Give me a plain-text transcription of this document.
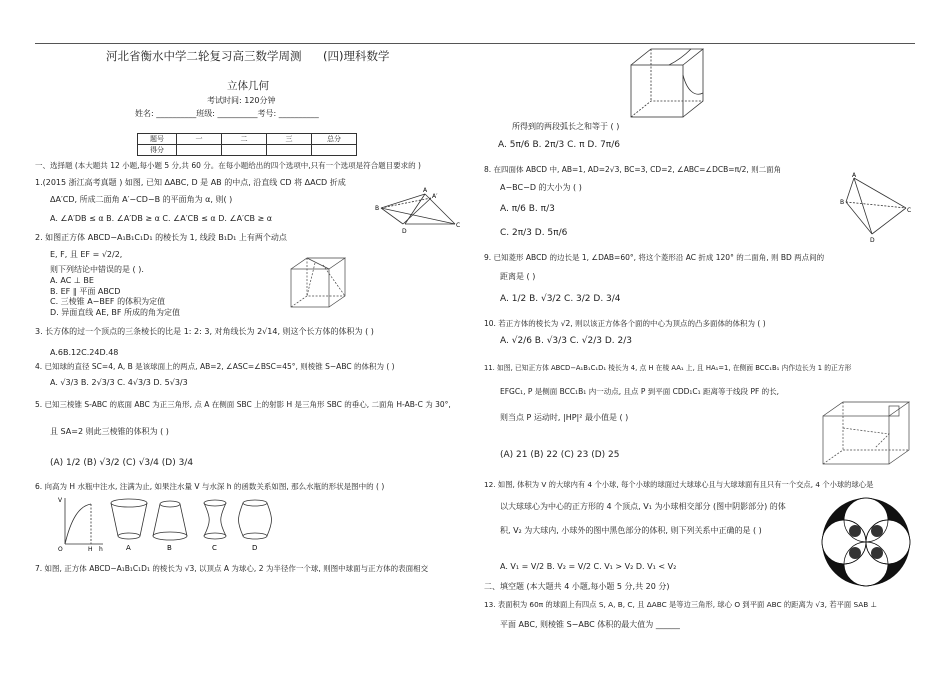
河北省衡水中学二轮复习高三数学周测 (四)理科数学
立体几何
考试时间: 120分钟
姓名: __________班级: __________考号: __________
题号	一	二	三	总分
得分				
一、选择题 (本大题共 12 小题,每小题 5 分,共 60 分。在每小题给出的四个选项中,只有一个选项是符合题目要求的 )
1.(2015 浙江高考真题 ) 如图, 已知 ΔABC, D 是 AB 的中点, 沿直线 CD 将 ΔACD 折成
ΔA′CD, 所成二面角 A′−CD−B 的平面角为 α, 则( )
A. ∠A′DB ≤ α B. ∠A′DB ≥ α C. ∠A′CB ≤ α D. ∠A′CB ≥ α
2. 如图正方体 ABCD−A₁B₁C₁D₁ 的棱长为 1, 线段 B₁D₁ 上有两个动点
E, F, 且 EF = √2/2,
则下列结论中错误的是 ( ).
A. AC ⊥ BE
B. EF ∥ 平面 ABCD
C. 三棱锥 A−BEF 的体积为定值
D. 异面直线 AE, BF 所成的角为定值
3. 长方体的过一个顶点的三条棱长的比是 1: 2: 3, 对角线长为 2√14, 则这个长方体的体积为 ( )
A.6B.12C.24D.48
4. 已知球的直径 SC=4, A, B 是该球面上的两点, AB=2, ∠ASC=∠BSC=45°, 则棱锥 S−ABC 的体积为 ( )
A. √3/3 B. 2√3/3 C. 4√3/3 D. 5√3/3
5. 已知三棱锥 S-ABC 的底面 ABC 为正三角形, 点 A 在侧面 SBC 上的射影 H 是三角形 SBC 的垂心, 二面角 H-AB-C 为 30°,
且 SA=2 则此三棱锥的体积为 ( )
(A) 1/2 (B) √3/2 (C) √3/4 (D) 3/4
6. 向高为 H 水瓶中注水, 注满为止, 如果注水量 V 与水深 h 的函数关系如图, 那么水瓶的形状是图中的 ( )
7. 如图, 正方体 ABCD−A₁B₁C₁D₁ 的棱长为 √3, 以顶点 A 为球心, 2 为半径作一个球, 则图中球面与正方体的表面相交
A
A′
B
C
D
V
O	H h	A	B	C	D
所得到的两段弧长之和等于 ( )
A. 5π/6 B. 2π/3 C. π D. 7π/6
8. 在四面体 ABCD 中, AB=1, AD=2√3, BC=3, CD=2, ∠ABC=∠DCB=π/2, 则二面角
A−BC−D 的大小为 ( )
A. π/6 B. π/3
C. 2π/3 D. 5π/6
A
B
C
D
9. 已知菱形 ABCD 的边长是 1, ∠DAB=60°, 将这个菱形沿 AC 折成 120° 的二面角, 则 BD 两点间的
距离是 ( )
A. 1/2 B. √3/2 C. 3/2 D. 3/4
10. 若正方体的棱长为 √2, 则以该正方体各个面的中心为顶点的凸多面体的体积为 ( )
A. √2/6 B. √3/3 C. √2/3 D. 2/3
11. 如图, 已知正方体 ABCD−A₁B₁C₁D₁ 棱长为 4, 点 H 在棱 AA₁ 上, 且 HA₁=1, 在侧面 BCC₁B₁ 内作边长为 1 的正方形
EFGC₁, P 是侧面 BCC₁B₁ 内一动点, 且点 P 到平面 CDD₁C₁ 距离等于线段 PF 的长,
则当点 P 运动时, |HP|² 最小值是 ( )
(A) 21 (B) 22 (C) 23 (D) 25
12. 如图, 体积为 V 的大球内有 4 个小球, 每个小球的球面过大球球心且与大球球面有且只有一个交点, 4 个小球的球心是
以大球球心为中心的正方形的 4 个顶点, V₁ 为小球相交部分 (图中阴影部分) 的体
积, V₂ 为大球内, 小球外的图中黑色部分的体积, 则下列关系中正确的是 ( )
A. V₁ = V/2 B. V₂ = V/2 C. V₁ > V₂ D. V₁ < V₂
二、填空题 (本大题共 4 小题,每小题 5 分,共 20 分)
13. 表面积为 60π 的球面上有四点 S, A, B, C, 且 ΔABC 是等边三角形, 球心 O 到平面 ABC 的距离为 √3, 若平面 SAB ⊥
平面 ABC, 则棱锥 S−ABC 体积的最大值为 ______
